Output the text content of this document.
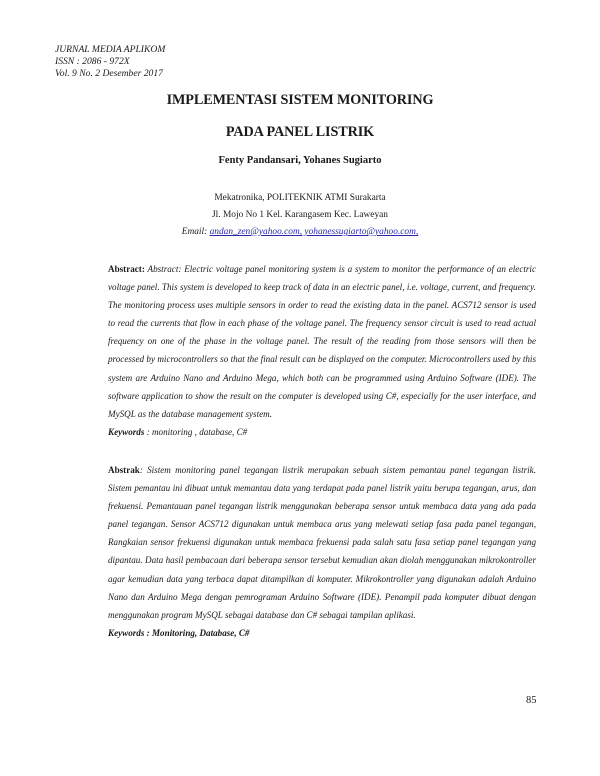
JURNAL MEDIA APLIKOM
ISSN : 2086 - 972X
Vol. 9 No. 2 Desember 2017
IMPLEMENTASI SISTEM MONITORING
PADA PANEL LISTRIK
Fenty Pandansari, Yohanes Sugiarto
Mekatronika, POLITEKNIK ATMI Surakarta
Jl. Mojo No 1 Kel. Karangasem Kec. Laweyan
Email: andan_zen@yahoo.com, yohanessugiarto@yahoo.com,
Abstract: Abstract: Electric voltage panel monitoring system is a system to monitor the performance of an electric voltage panel. This system is developed to keep track of data in an electric panel, i.e. voltage, current, and frequency. The monitoring process uses multiple sensors in order to read the existing data in the panel. ACS712 sensor is used to read the currents that flow in each phase of the voltage panel. The frequency sensor circuit is used to read actual frequency on one of the phase in the voltage panel. The result of the reading from those sensors will then be processed by microcontrollers so that the final result can be displayed on the computer. Microcontrollers used by this system are Arduino Nano and Arduino Mega, which both can be programmed using Arduino Software (IDE). The software application to show the result on the computer is developed using C#, especially for the user interface, and MySQL as the database management system.
Keywords : monitoring , database, C#
Abstrak: Sistem monitoring panel tegangan listrik merupakan sebuah sistem pemantau panel tegangan listrik. Sistem pemantau ini dibuat untuk memantau data yang terdapat pada panel listrik yaitu berupa tegangan, arus, dan frekuensi. Pemantauan panel tegangan listrik menggunakan beberapa sensor untuk membaca data yang ada pada panel tegangan. Sensor ACS712 digunakan untuk membaca arus yang melewati setiap fasa pada panel tegangan, Rangkaian sensor frekuensi digunakan untuk membaca frekuensi pada salah satu fasa setiap panel tegangan yang dipantau. Data hasil pembacaan dari beberapa sensor tersebut kemudian akan diolah menggunakan mikrokontroller agar kemudian data yang terbaca dapat ditampilkan di komputer. Mikrokontroller yang digunakan adalah Arduino Nano dan Arduino Mega dengan pemrograman Arduino Software (IDE). Penampil pada komputer dibuat dengan menggunakan program MySQL sebagai database dan C# sebagai tampilan aplikasi.
Keywords : Monitoring, Database, C#
85
